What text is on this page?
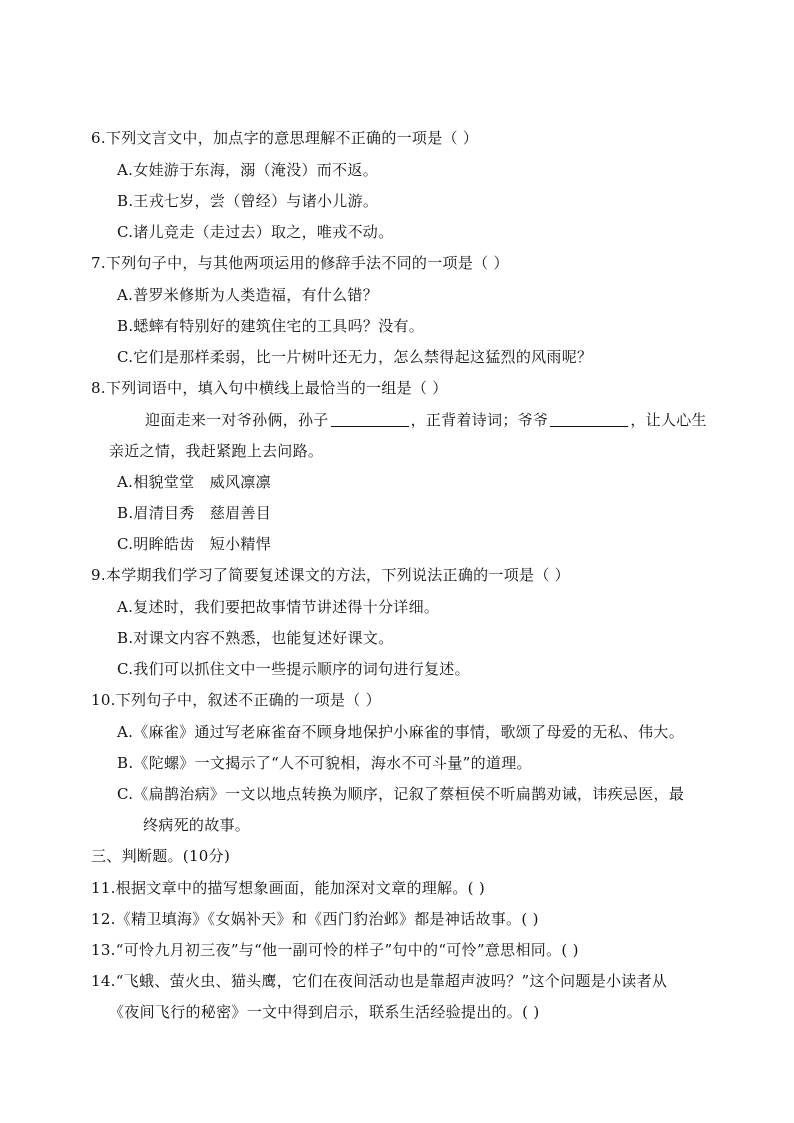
6.下列文言文中，加点字的意思理解不正确的一项是（ ）
A.女娃游于东海，溺（淹没）而不返。
B.王戎七岁，尝（曾经）与诸小儿游。
C.诸儿竞走（走过去）取之，唯戎不动。
7.下列句子中，与其他两项运用的修辞手法不同的一项是（ ）
A.普罗米修斯为人类造福，有什么错？
B.蟋蟀有特别好的建筑住宅的工具吗？没有。
C.它们是那样柔弱，比一片树叶还无力，怎么禁得起这猛烈的风雨呢？
8.下列词语中，填入句中横线上最恰当的一组是（ ）
迎面走来一对爷孙俩，孙子	，正背着诗词；爷爷	，让人心生
亲近之情，我赶紧跑上去问路。
A.相貌堂堂　威风凛凛
B.眉清目秀　慈眉善目
C.明眸皓齿　短小精悍
9.本学期我们学习了简要复述课文的方法，下列说法正确的一项是（ ）
A.复述时，我们要把故事情节讲述得十分详细。
B.对课文内容不熟悉，也能复述好课文。
C.我们可以抓住文中一些提示顺序的词句进行复述。
10.下列句子中，叙述不正确的一项是（ ）
A.《麻雀》通过写老麻雀奋不顾身地保护小麻雀的事情，歌颂了母爱的无私、伟大。
B.《陀螺》一文揭示了“人不可貌相，海水不可斗量”的道理。
C.《扁鹊治病》一文以地点转换为顺序，记叙了蔡桓侯不听扁鹊劝诫，讳疾忌医，最
终病死的故事。
三、判断题。(10分)
11.根据文章中的描写想象画面，能加深对文章的理解。( )
12.《精卫填海》《女娲补天》和《西门豹治邺》都是神话故事。( )
13.“可怜九月初三夜”与“他一副可怜的样子”句中的“可怜”意思相同。( )
14.“飞蛾、萤火虫、猫头鹰，它们在夜间活动也是靠超声波吗？”这个问题是小读者从
《夜间飞行的秘密》一文中得到启示，联系生活经验提出的。( )
